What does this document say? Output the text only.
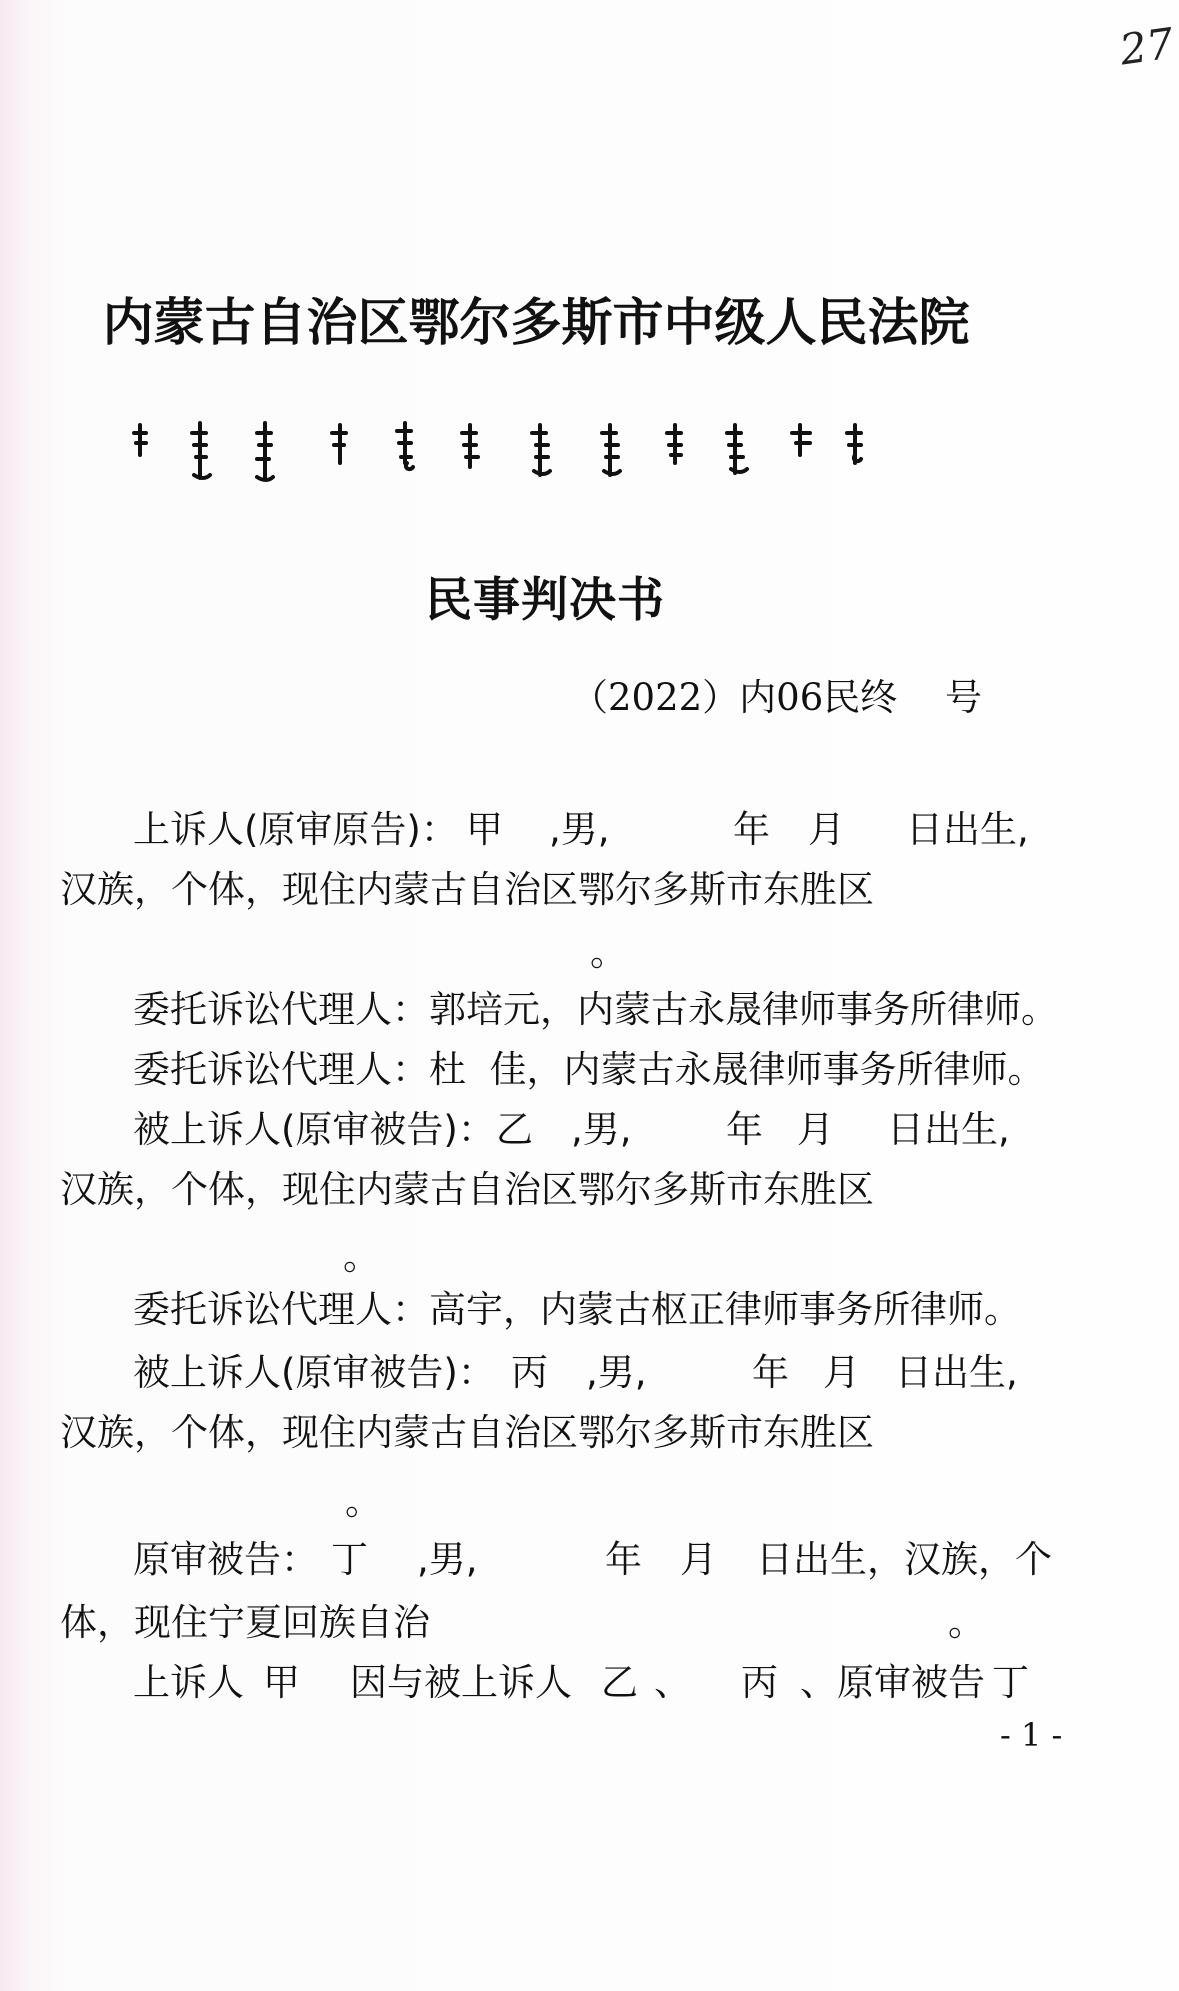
27
内蒙古自治区鄂尔多斯市中级人民法院
民事判决书
（2022）内06民终 号
上诉人(原审原告)： 甲 ,男,	年 月 日出生,
汉族，个体，现住内蒙古自治区鄂尔多斯市东胜区
。
委托诉讼代理人：郭培元，内蒙古永晟律师事务所律师。
委托诉讼代理人：杜  佳，内蒙古永晟律师事务所律师。
被上诉人(原审被告)： 乙 ,男,	年 月 日出生,
汉族，个体，现住内蒙古自治区鄂尔多斯市东胜区
。
委托诉讼代理人：高宇，内蒙古枢正律师事务所律师。
被上诉人(原审被告)： 丙 ,男,	年 月 日出生,
汉族，个体，现住内蒙古自治区鄂尔多斯市东胜区
。
原审被告： 丁 ,男,	年 月 日出生，汉族，个
体，现住宁夏回族自治	。
上诉人 甲 因与被上诉人 乙 、 丙 、原审被告 丁
- 1 -
